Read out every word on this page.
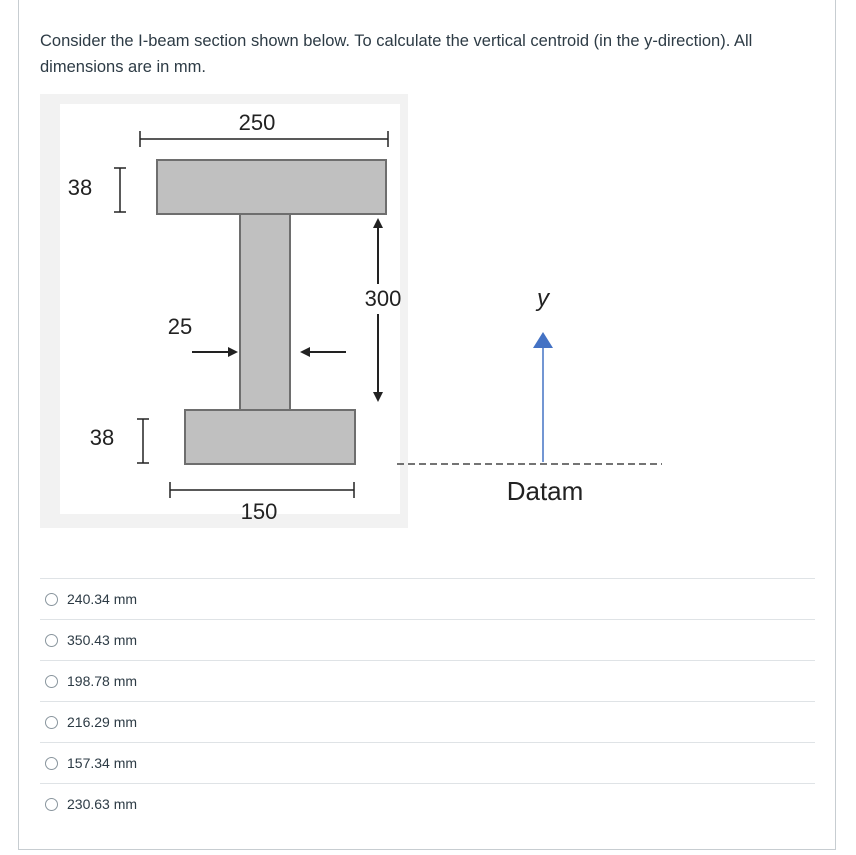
Consider the I-beam section shown below. To calculate the vertical centroid (in the y-direction). All dimensions are in mm.
250
38
38
25
300
150
y
Datam
240.34 mm
350.43 mm
198.78 mm
216.29 mm
157.34 mm
230.63 mm
